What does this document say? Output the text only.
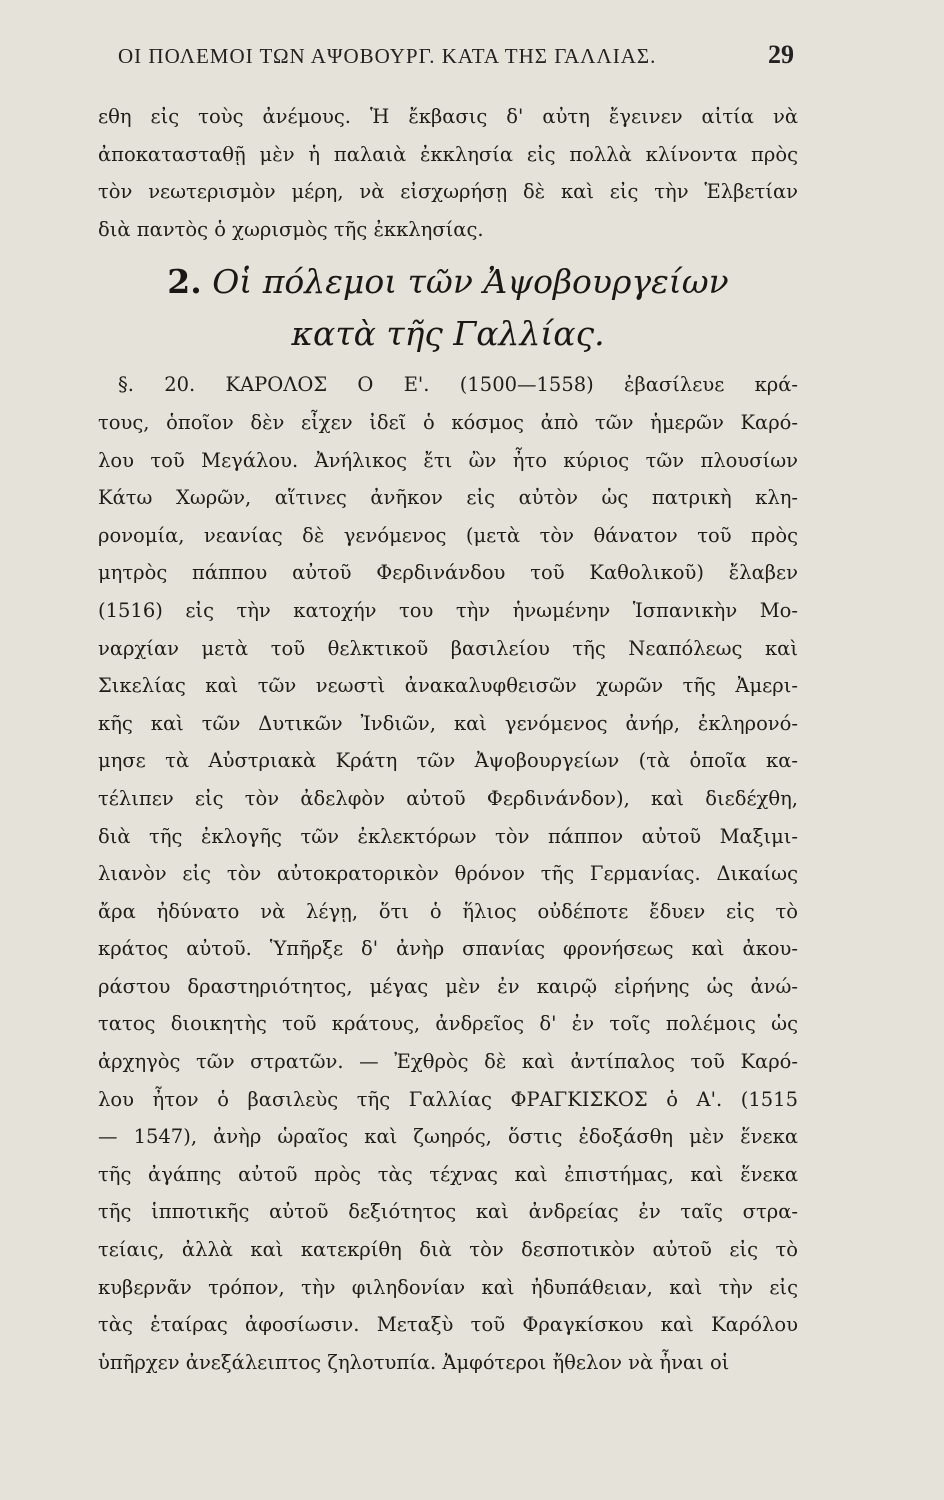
ΟΙ ΠΟΛΕΜΟΙ ΤΩΝ ΑΨΟΒΟΥΡΓ. ΚΑΤΑ ΤΗΣ ΓΑΛΛΙΑΣ.	29
εθη εἰς τοὺς ἀνέμους. Ἡ ἔκβασις δ' αὐτη ἔγεινεν αἰτία νὰ
ἀποκατασταθῇ μὲν ἡ παλαιὰ ἐκκλησία εἰς πολλὰ κλίνοντα πρὸς
τὸν νεωτερισμὸν μέρη, νὰ εἰσχωρήσῃ δὲ καὶ εἰς τὴν Ἑλβετίαν
διὰ παντὸς ὁ χωρισμὸς τῆς ἐκκλησίας.
2. Οἱ πόλεμοι τῶν Ἀψοβουργείων
κατὰ τῆς Γαλλίας.
§. 20. ΚΑΡΟΛΟΣ Ο Ε'. (1500—1558) ἐβασίλευε κρά-
τους, ὁποῖον δὲν εἶχεν ἰδεῖ ὁ κόσμος ἀπὸ τῶν ἡμερῶν Καρό-
λου τοῦ Μεγάλου. Ἀνήλικος ἔτι ὢν ἦτο κύριος τῶν πλουσίων
Κάτω Χωρῶν, αἵτινες ἀνῆκον εἰς αὐτὸν ὡς πατρικὴ κλη-
ρονομία, νεανίας δὲ γενόμενος (μετὰ τὸν θάνατον τοῦ πρὸς
μητρὸς πάππου αὐτοῦ Φερδινάνδου τοῦ Καθολικοῦ) ἔλαβεν
(1516) εἰς τὴν κατοχήν του τὴν ἡνωμένην Ἱσπανικὴν Μο-
ναρχίαν μετὰ τοῦ θελκτικοῦ βασιλείου τῆς Νεαπόλεως καὶ
Σικελίας καὶ τῶν νεωστὶ ἀνακαλυφθεισῶν χωρῶν τῆς Ἀμερι-
κῆς καὶ τῶν Δυτικῶν Ἰνδιῶν, καὶ γενόμενος ἀνήρ, ἐκληρονό-
μησε τὰ Αὐστριακὰ Κράτη τῶν Ἀψοβουργείων (τὰ ὁποῖα κα-
τέλιπεν εἰς τὸν ἀδελφὸν αὐτοῦ Φερδινάνδον), καὶ διεδέχθη,
διὰ τῆς ἐκλογῆς τῶν ἐκλεκτόρων τὸν πάππον αὐτοῦ Μαξιμι-
λιανὸν εἰς τὸν αὐτοκρατορικὸν θρόνον τῆς Γερμανίας. Δικαίως
ἄρα ἠδύνατο νὰ λέγῃ, ὅτι ὁ ἥλιος οὐδέποτε ἔδυεν εἰς τὸ
κράτος αὐτοῦ. Ὑπῆρξε δ' ἀνὴρ σπανίας φρονήσεως καὶ ἀκου-
ράστου δραστηριότητος, μέγας μὲν ἐν καιρῷ εἰρήνης ὡς ἀνώ-
τατος διοικητὴς τοῦ κράτους, ἀνδρεῖος δ' ἐν τοῖς πολέμοις ὡς
ἀρχηγὸς τῶν στρατῶν. — Ἐχθρὸς δὲ καὶ ἀντίπαλος τοῦ Καρό-
λου ἦτον ὁ βασιλεὺς τῆς Γαλλίας ΦΡΑΓΚΙΣΚΟΣ ὁ Α'. (1515
— 1547), ἀνὴρ ὡραῖος καὶ ζωηρός, ὅστις ἐδοξάσθη μὲν ἕνεκα
τῆς ἀγάπης αὐτοῦ πρὸς τὰς τέχνας καὶ ἐπιστήμας, καὶ ἕνεκα
τῆς ἱπποτικῆς αὐτοῦ δεξιότητος καὶ ἀνδρείας ἐν ταῖς στρα-
τείαις, ἀλλὰ καὶ κατεκρίθη διὰ τὸν δεσποτικὸν αὐτοῦ εἰς τὸ
κυβερνᾶν τρόπον, τὴν φιληδονίαν καὶ ἠδυπάθειαν, καὶ τὴν εἰς
τὰς ἑταίρας ἀφοσίωσιν. Μεταξὺ τοῦ Φραγκίσκου καὶ Καρόλου
ὑπῆρχεν ἀνεξάλειπτος ζηλοτυπία. Ἀμφότεροι ἤθελον νὰ ἦναι οἱ
